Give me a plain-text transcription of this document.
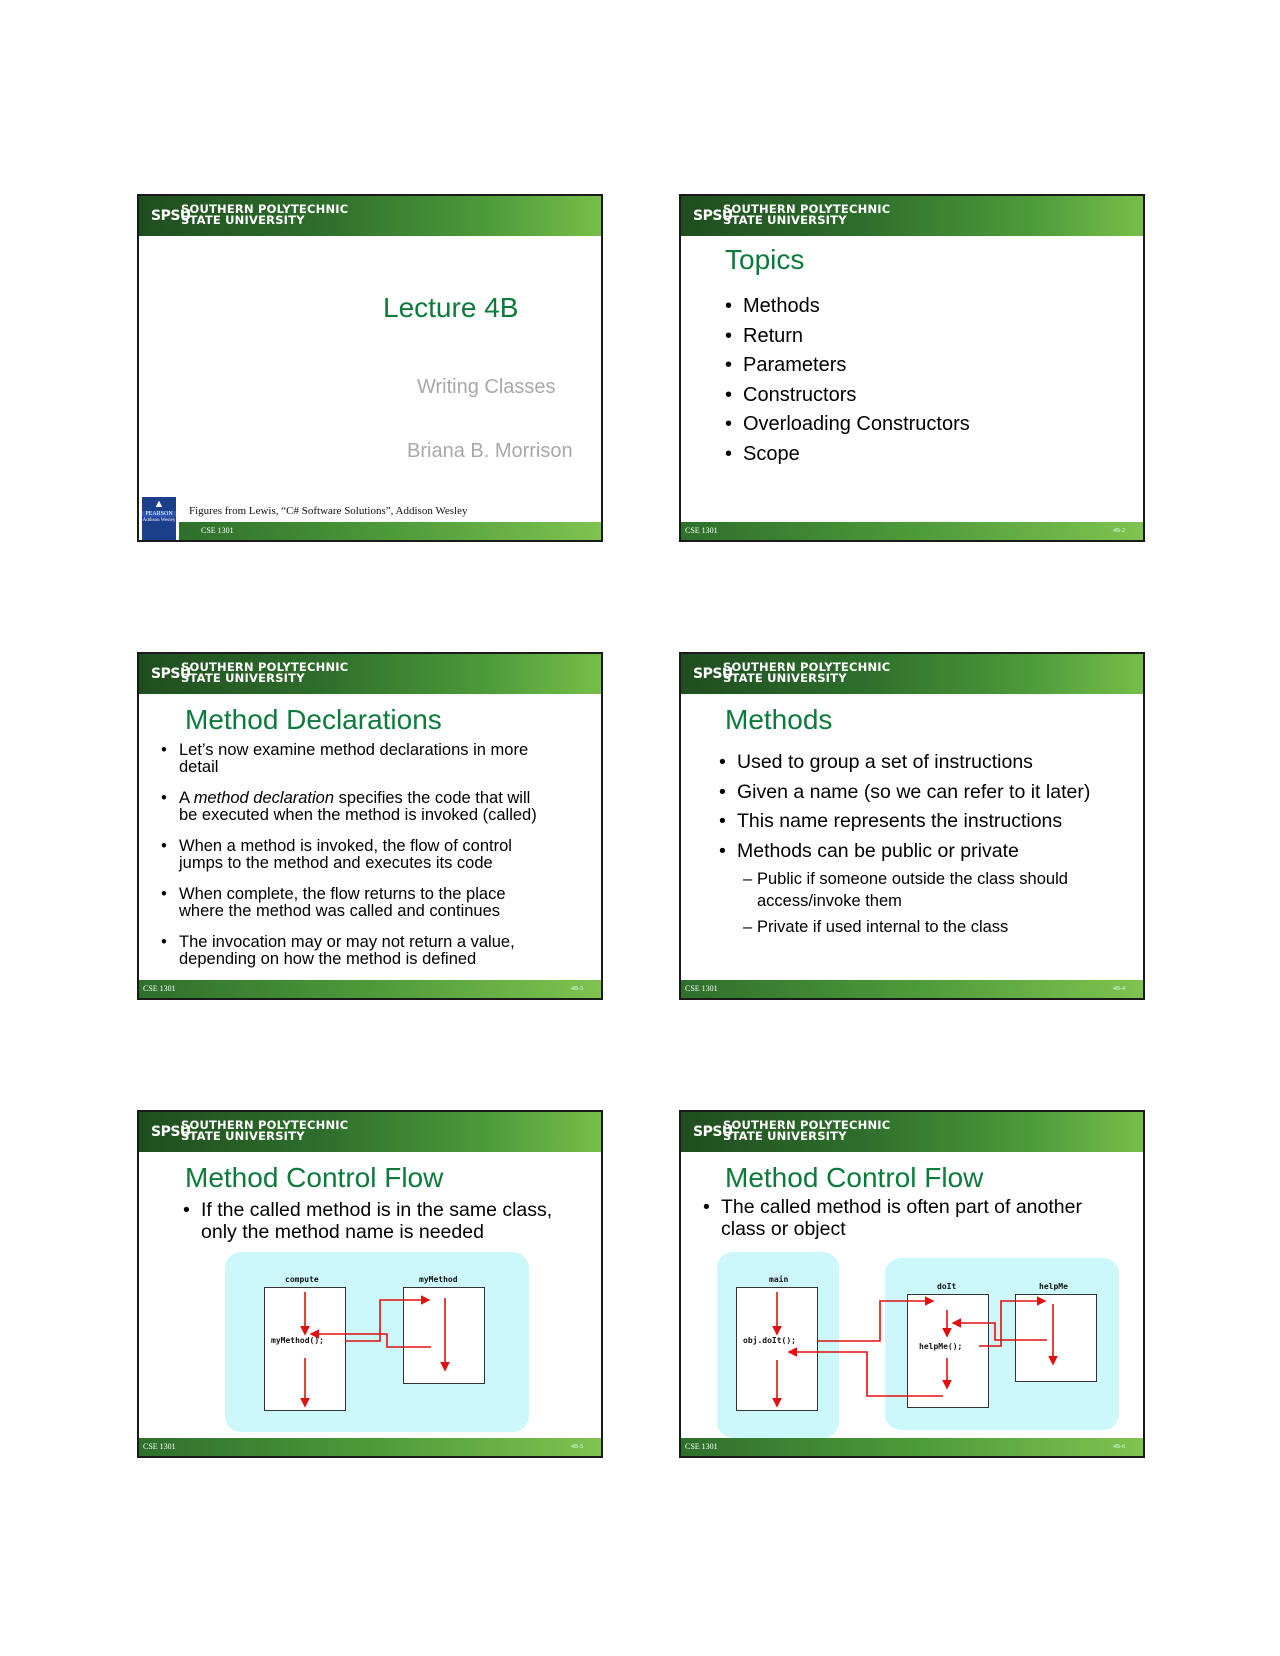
SPSU
SOUTHERN POLYTECHNIC
STATE UNIVERSITY
Lecture 4B
Writing Classes
Briana B. Morrison
▲
PEARSON
Addison Wesley
Figures from Lewis, “C# Software Solutions”, Addison Wesley
CSE 1301
SPSU
SOUTHERN POLYTECHNIC
STATE UNIVERSITY
Topics
• Methods
• Return
• Parameters
• Constructors
• Overloading Constructors
• Scope
CSE 1301	4B-2
SPSU
SOUTHERN POLYTECHNIC
STATE UNIVERSITY
Method Declarations
• Let’s now examine method declarations in more
detail
• A method declaration specifies the code that will
be executed when the method is invoked (called)
• When a method is invoked, the flow of control
jumps to the method and executes its code
• When complete, the flow returns to the place
where the method was called and continues
• The invocation may or may not return a value,
depending on how the method is defined
CSE 1301	4B-3
SPSU
SOUTHERN POLYTECHNIC
STATE UNIVERSITY
Methods
• Used to group a set of instructions
• Given a name (so we can refer to it later)
• This name represents the instructions
• Methods can be public or private
– Public if someone outside the class should
access/invoke them
– Private if used internal to the class
CSE 1301	4B-4
SPSU
SOUTHERN POLYTECHNIC
STATE UNIVERSITY
Method Control Flow
• If the called method is in the same class,
only the method name is needed
compute	myMethod
myMethod();
CSE 1301	4B-5
SPSU
SOUTHERN POLYTECHNIC
STATE UNIVERSITY
Method Control Flow
• The called method is often part of another
class or object
main
doIt	helpMe
obj.doIt();
helpMe();
CSE 1301	4B-6
